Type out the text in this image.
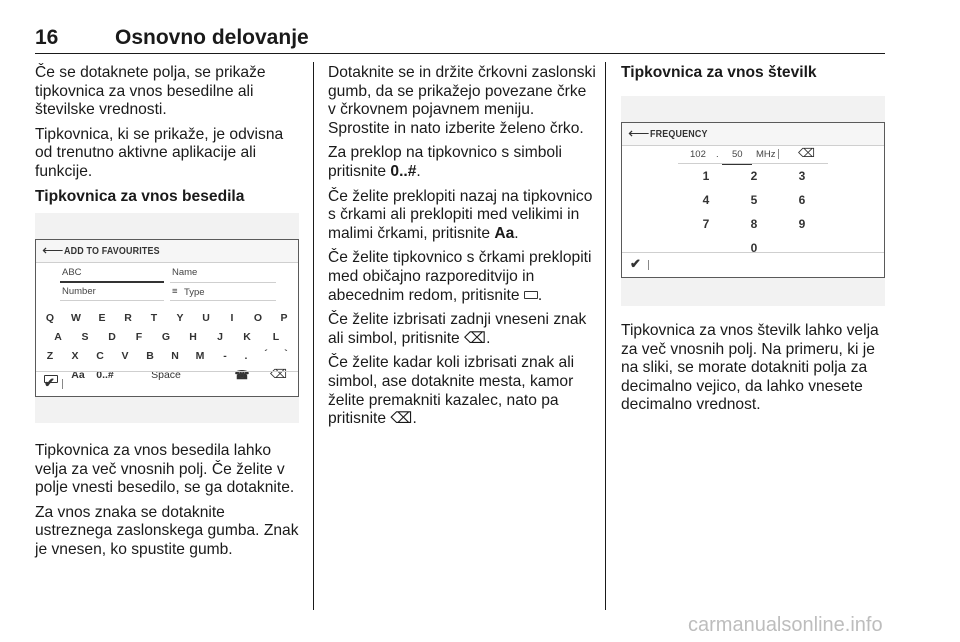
16	Osnovno delovanje

Če se dotaknete polja, se prikaže tipkovnica za vnos besedilne ali številske vrednosti.

Tipkovnica, ki se prikaže, je odvisna od trenutno aktivne aplikacije ali funkcije.

Tipkovnica za vnos besedila
⟵ ADD TO FAVOURITES
ABC	Name
Number	≡ Type
Q	W	E	R	T	Y	U	I	O	P
A	S	D	F	G	H	J	K	L
Z	X	C	V	B	N	M	-	.	´	`
Aa	0..#	Space	☎ ⌫
✔

Tipkovnica za vnos besedila lahko velja za več vnosnih polj. Če želite v polje vnesti besedilo, se ga dotaknite.

Za vnos znaka se dotaknite ustreznega zaslonskega gumba. Znak je vnesen, ko spustite gumb.

Dotaknite se in držite črkovni zaslonski gumb, da se prikažejo povezane črke v črkovnem pojavnem meniju. Sprostite in nato izberite želeno črko.

Za preklop na tipkovnico s simboli pritisnite 0..#.

Če želite preklopiti nazaj na tipkovnico s črkami ali preklopiti med velikimi in malimi črkami, pritisnite Aa.

Če želite tipkovnico s črkami preklopiti med običajno razporeditvijo in abecednim redom, pritisnite .

Če želite izbrisati zadnji vneseni znak ali simbol, pritisnite ⌫.

Če želite kadar koli izbrisati znak ali simbol, ase dotaknite mesta, kamor želite premakniti kazalec, nato pa pritisnite ⌫.

Tipkovnica za vnos številk
⟵ FREQUENCY
102 . 50 MHz ⌫
1	2	3
4	5	6
7	8	9
0
✔

Tipkovnica za vnos številk lahko velja za več vnosnih polj. Na primeru, ki je na sliki, se morate dotakniti polja za decimalno vejico, da lahko vnesete decimalno vrednost.

carmanualsonline.info
